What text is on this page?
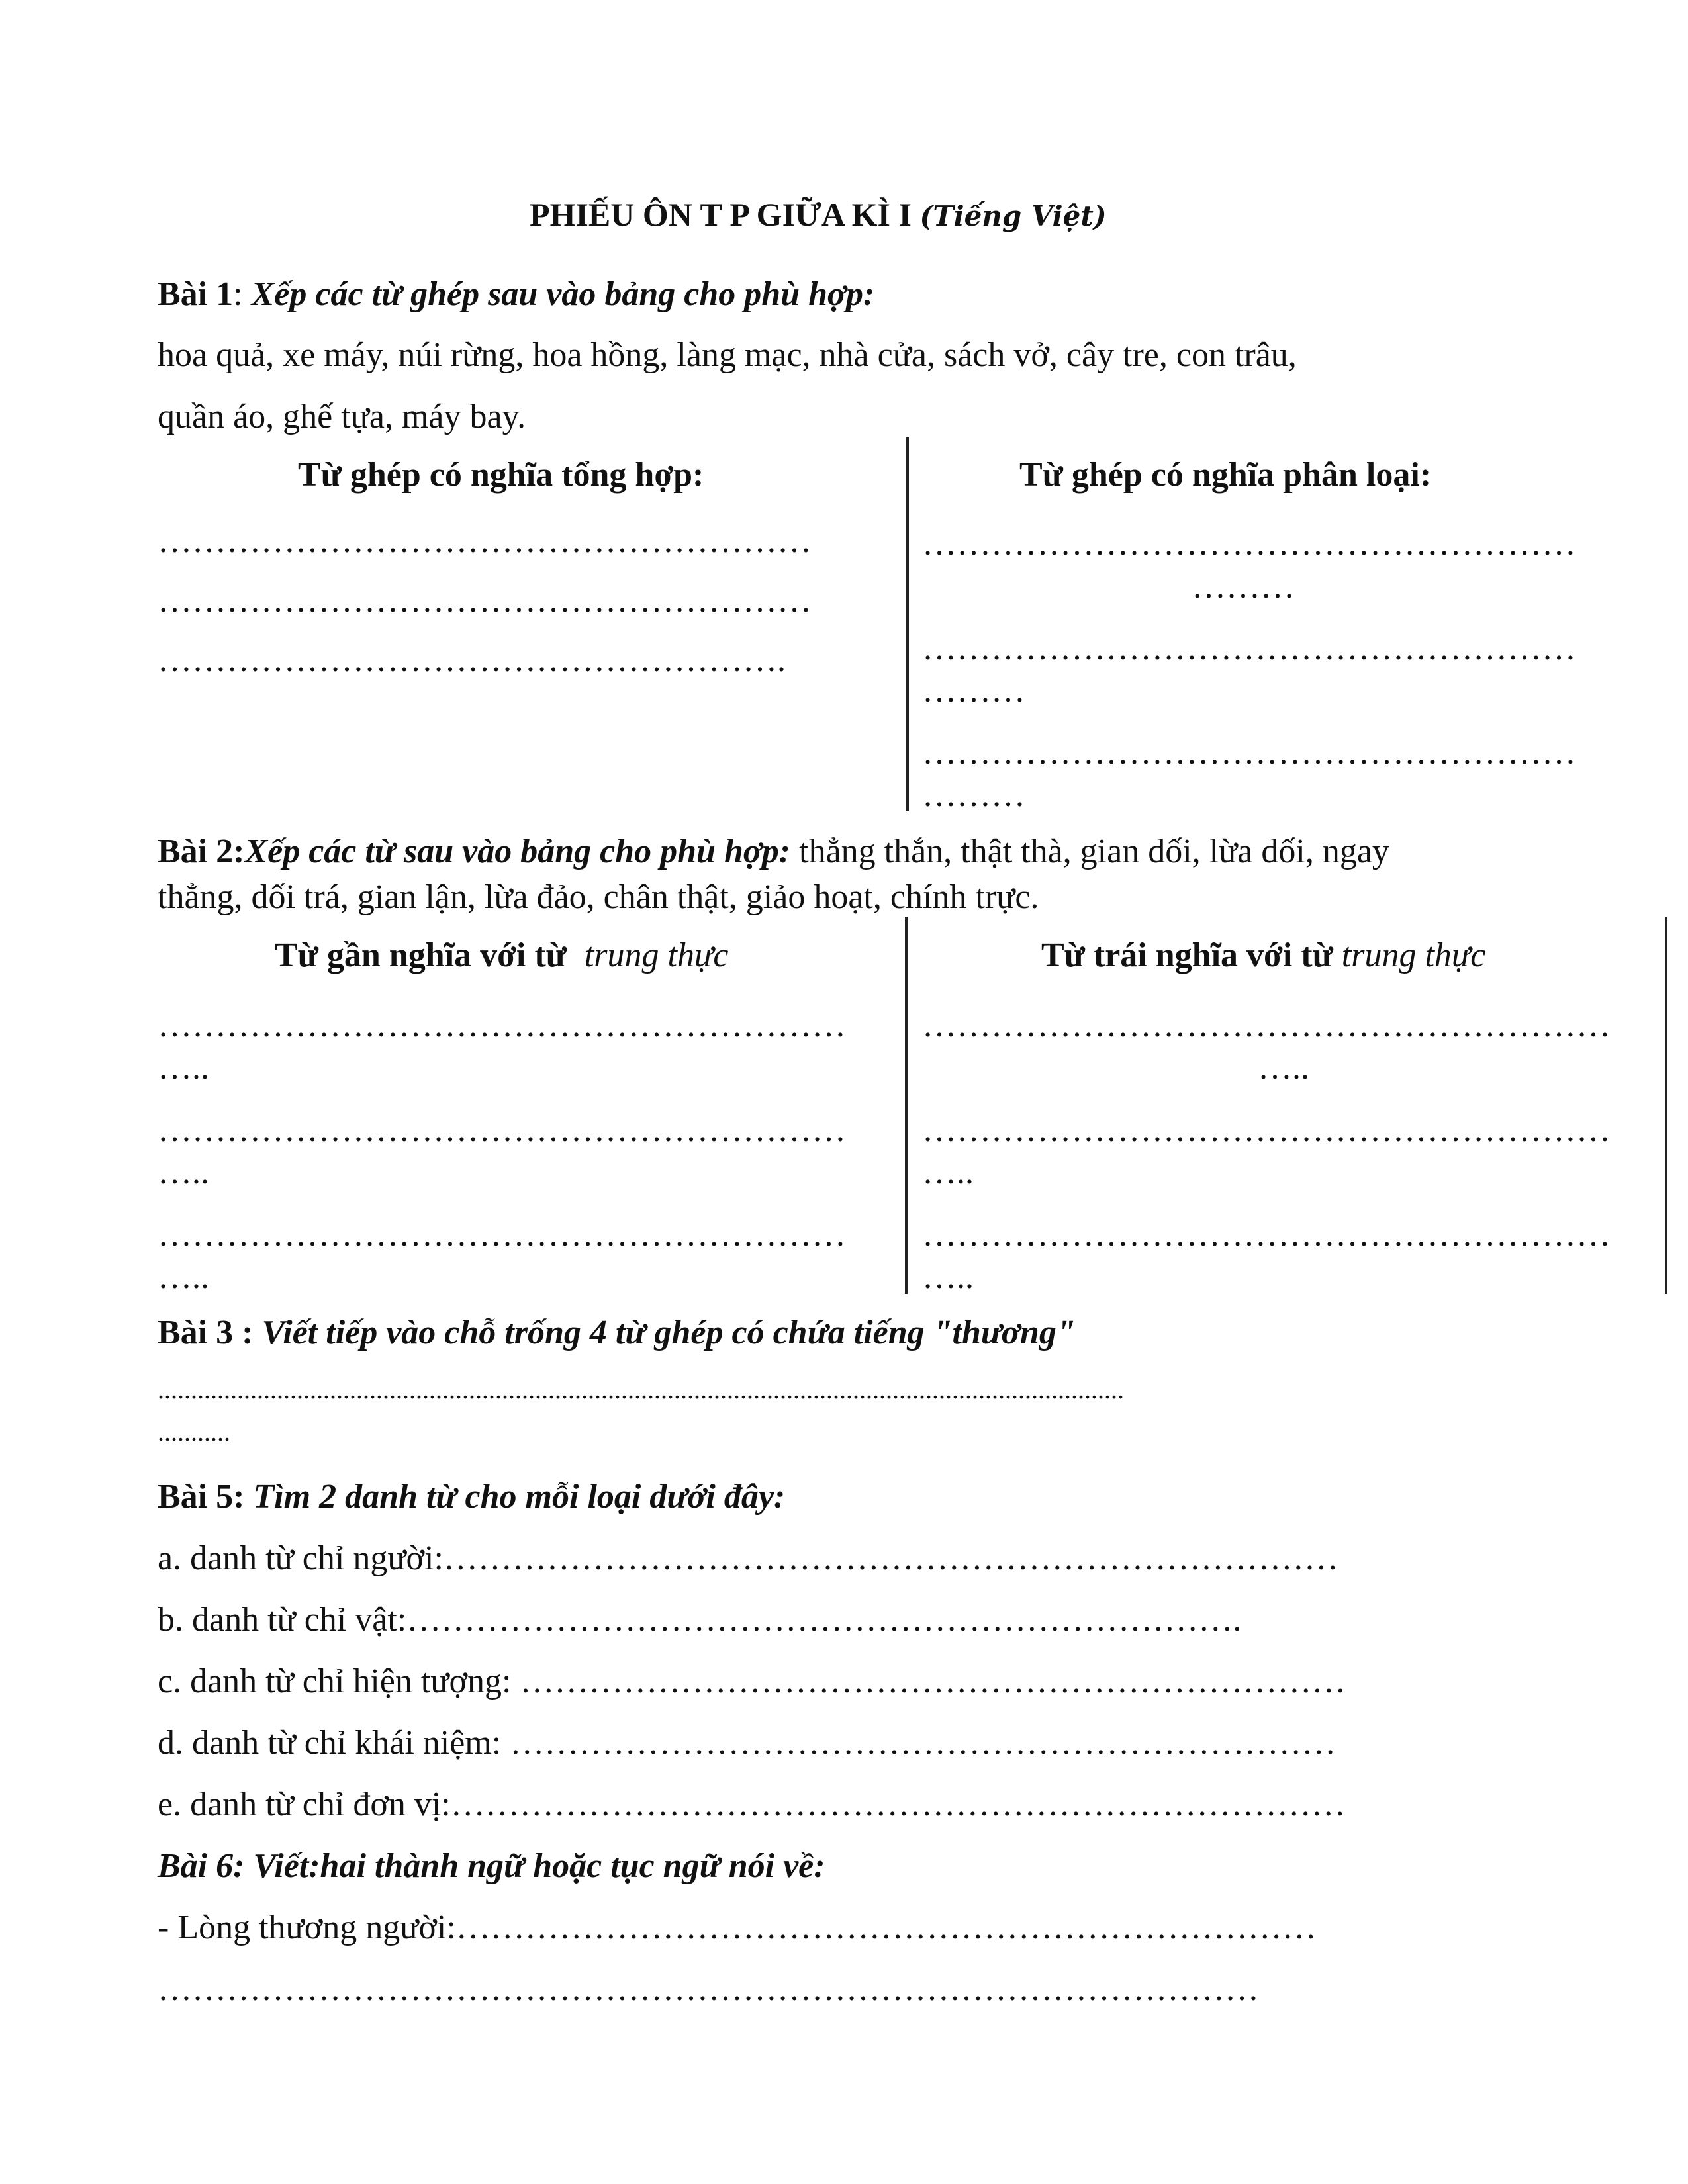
PHIẾU ÔN T P GIỮA KÌ I (Tiếng Việt)
Bài 1: Xếp các từ ghép sau vào bảng cho phù hợp:
hoa quả, xe máy, núi rừng, hoa hồng, làng mạc, nhà cửa, sách vở, cây tre, con trâu,
quần áo, ghế tựa, máy bay.
Từ ghép có nghĩa tổng hợp:	Từ ghép có nghĩa phân loại:
…………………………………………………
…………………………………………………
……………………………………………….
…………………………………………………
………
…………………………………………………
………
…………………………………………………
………
Bài 2:Xếp các từ sau vào bảng cho phù hợp: thẳng thắn, thật thà, gian dối, lừa dối, ngay
thẳng, dối trá, gian lận, lừa đảo, chân thật, giảo hoạt, chính trực.
Từ gần nghĩa với từ trung thực	Từ trái nghĩa với từ trung thực
……………………………………………………
…..
……………………………………………………
…..
……………………………………………………
…..
……………………………………………………
…..
……………………………………………………
…..
……………………………………………………
…..
Bài 3 : Viết tiếp vào chỗ trống 4 từ ghép có chứa tiếng "thương"
..................................................................................................................................................
...........
Bài 5: Tìm 2 danh từ cho mỗi loại dưới đây:
a. danh từ chỉ người:……………………………………………………………………
b. danh từ chỉ vật:……………………………………………………………….
c. danh từ chỉ hiện tượng: ………………………………………………………………
d. danh từ chỉ khái niệm: ………………………………………………………………
e. danh từ chỉ đơn vị:……………………………………………………………………
Bài 6: Viết:hai thành ngữ hoặc tục ngữ nói về:
- Lòng thương người:…………………………………………………………………
……………………………………………………………………………………
